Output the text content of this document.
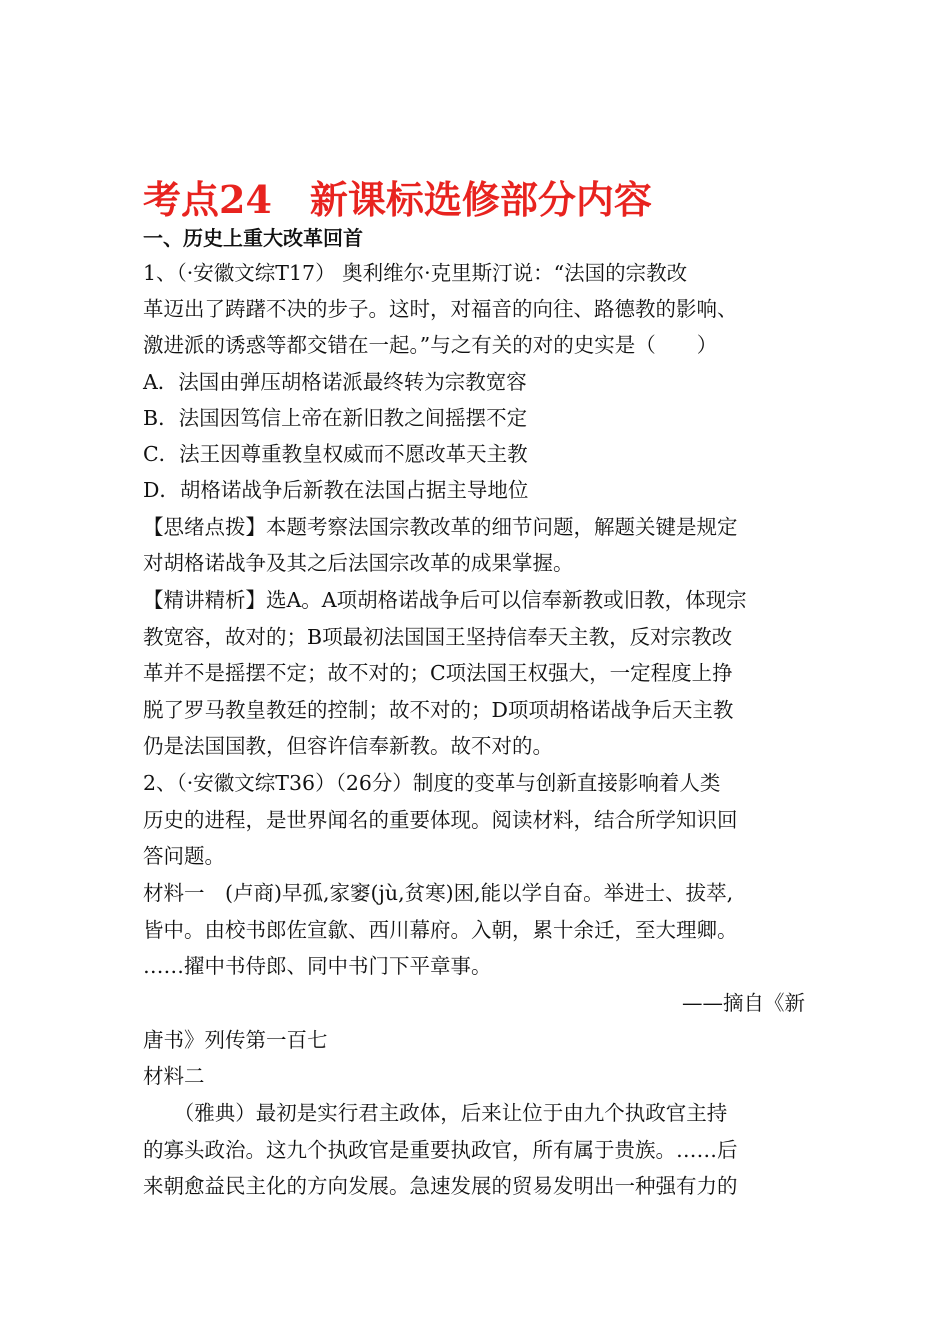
考点24　新课标选修部分内容
一、历史上重大改革回首
1、（·安徽文综T17） 奥利维尔·克里斯汀说：“法国的宗教改
革迈出了踌躇不决的步子。这时，对福音的向往、路德教的影响、
激进派的诱惑等都交错在一起。”与之有关的对的史实是（　　）
A．法国由弹压胡格诺派最终转为宗教宽容
B．法国因笃信上帝在新旧教之间摇摆不定
C．法王因尊重教皇权威而不愿改革天主教
D．胡格诺战争后新教在法国占据主导地位
【思绪点拨】本题考察法国宗教改革的细节问题，解题关键是规定
对胡格诺战争及其之后法国宗改革的成果掌握。
【精讲精析】选A。A项胡格诺战争后可以信奉新教或旧教，体现宗
教宽容，故对的；B项最初法国国王坚持信奉天主教，反对宗教改
革并不是摇摆不定；故不对的；C项法国王权强大，一定程度上挣
脱了罗马教皇教廷的控制；故不对的；D项项胡格诺战争后天主教
仍是法国国教，但容许信奉新教。故不对的。
2、（·安徽文综T36）（26分）制度的变革与创新直接影响着人类
历史的进程，是世界闻名的重要体现。阅读材料，结合所学知识回
答问题。
材料一　(卢商)早孤,家窭(jù,贫寒)困,能以学自奋。举进士、拔萃,
皆中。由校书郎佐宣歙、西川幕府。入朝，累十余迁，至大理卿。
……擢中书侍郎、同中书门下平章事。
——摘自《新
唐书》列传第一百七
材料二
　　（雅典）最初是实行君主政体，后来让位于由九个执政官主持
的寡头政治。这九个执政官是重要执政官，所有属于贵族。……后
来朝愈益民主化的方向发展。急速发展的贸易发明出一种强有力的
